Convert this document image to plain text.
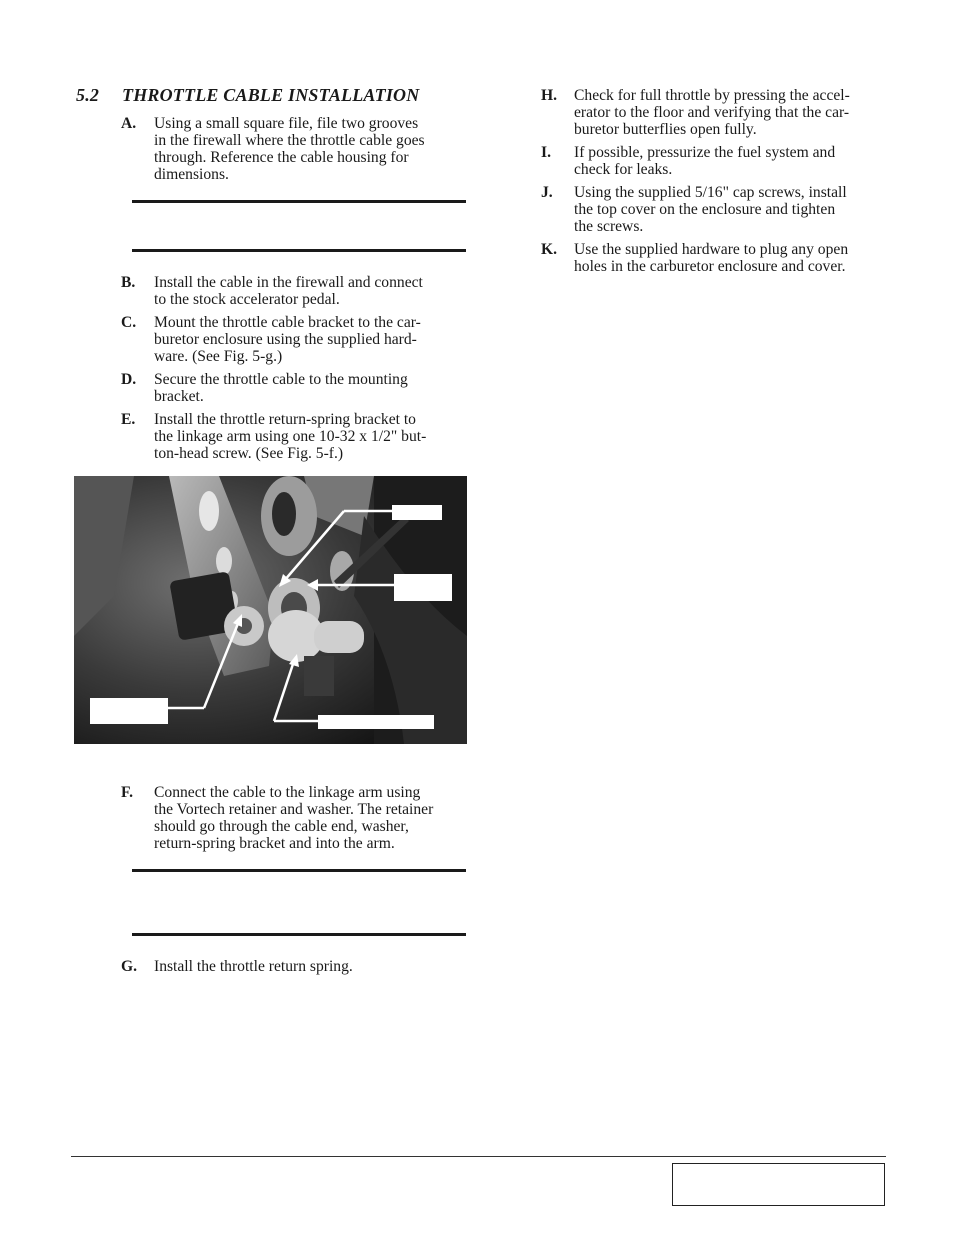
5.2 THROTTLE CABLE INSTALLATION
A. Using a small square file, file two grooves
in the firewall where the throttle cable goes
through. Reference the cable housing for
dimensions.
B. Install the cable in the firewall and connect
to the stock accelerator pedal.
C. Mount the throttle cable bracket to the car-
buretor enclosure using the supplied hard-
ware. (See Fig. 5-g.)
D. Secure the throttle cable to the mounting
bracket.
E. Install the throttle return-spring bracket to
the linkage arm using one 10-32 x 1/2" but-
ton-head screw. (See Fig. 5-f.)
F. Connect the cable to the linkage arm using
the Vortech retainer and washer. The retainer
should go through the cable end, washer,
return-spring bracket and into the arm.
G. Install the throttle return spring.
H. Check for full throttle by pressing the accel-
erator to the floor and verifying that the car-
buretor butterflies open fully.
I. If possible, pressurize the fuel system and
check for leaks.
J. Using the supplied 5/16" cap screws, install
the top cover on the enclosure and tighten
the screws.
K. Use the supplied hardware to plug any open
holes in the carburetor enclosure and cover.
